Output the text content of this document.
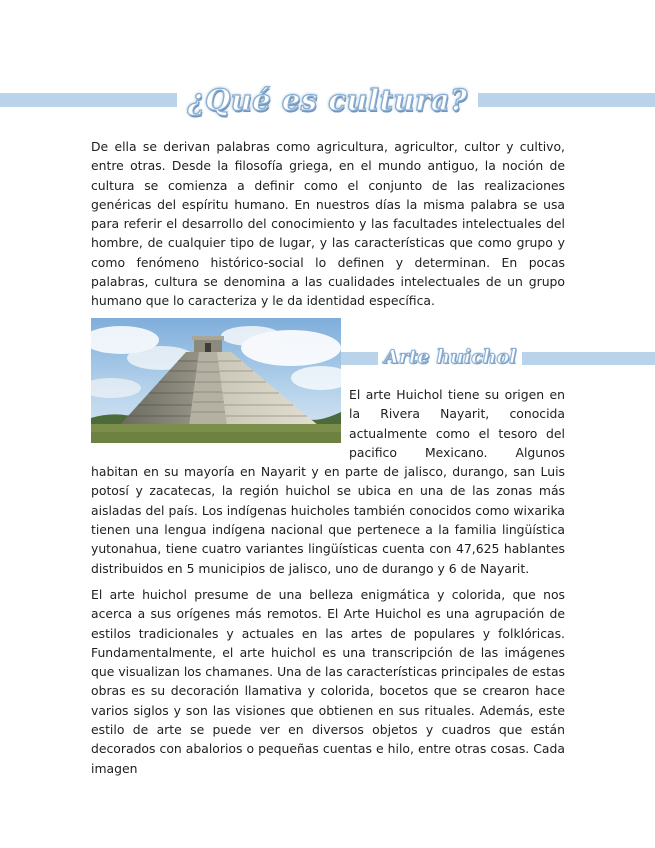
¿Qué es cultura?

De ella se derivan palabras como agricultura, agricultor, cultor y cultivo, entre otras. Desde la filosofía griega, en el mundo antiguo, la noción de cultura se comienza a definir como el conjunto de las realizaciones genéricas del espíritu humano. En nuestros días la misma palabra se usa para referir el desarrollo del conocimiento y las facultades intelectuales del hombre, de cualquier tipo de lugar, y las características que como grupo y como fenómeno histórico-social lo definen y determinan. En pocas palabras, cultura se denomina a las cualidades intelectuales de un grupo humano que lo caracteriza y le da identidad específica.

Arte huichol
El arte Huichol tiene su origen en la Rivera Nayarit, conocida actualmente como el tesoro del pacifico Mexicano. Algunos habitan en su mayoría en Nayarit y en parte de jalisco, durango, san Luis potosí y zacatecas, la región huichol se ubica en una de las zonas más aisladas del país. Los indígenas huicholes también conocidos como wixarika tienen una lengua indígena nacional que pertenece a la familia lingüística yutonahua, tiene cuatro variantes lingüísticas cuenta con 47,625 hablantes distribuidos en 5 municipios de jalisco, uno de durango y 6 de Nayarit.

El arte huichol presume de una belleza enigmática y colorida, que nos acerca a sus orígenes más remotos. El Arte Huichol es una agrupación de estilos tradicionales y actuales en las artes de populares y folklóricas. Fundamentalmente, el arte huichol es una transcripción de las imágenes que visualizan los chamanes. Una de las características principales de estas obras es su decoración llamativa y colorida, bocetos que se crearon hace varios siglos y son las visiones que obtienen en sus rituales. Además, este estilo de arte se puede ver en diversos objetos y cuadros que están decorados con abalorios o pequeñas cuentas e hilo, entre otras cosas. Cada imagen
